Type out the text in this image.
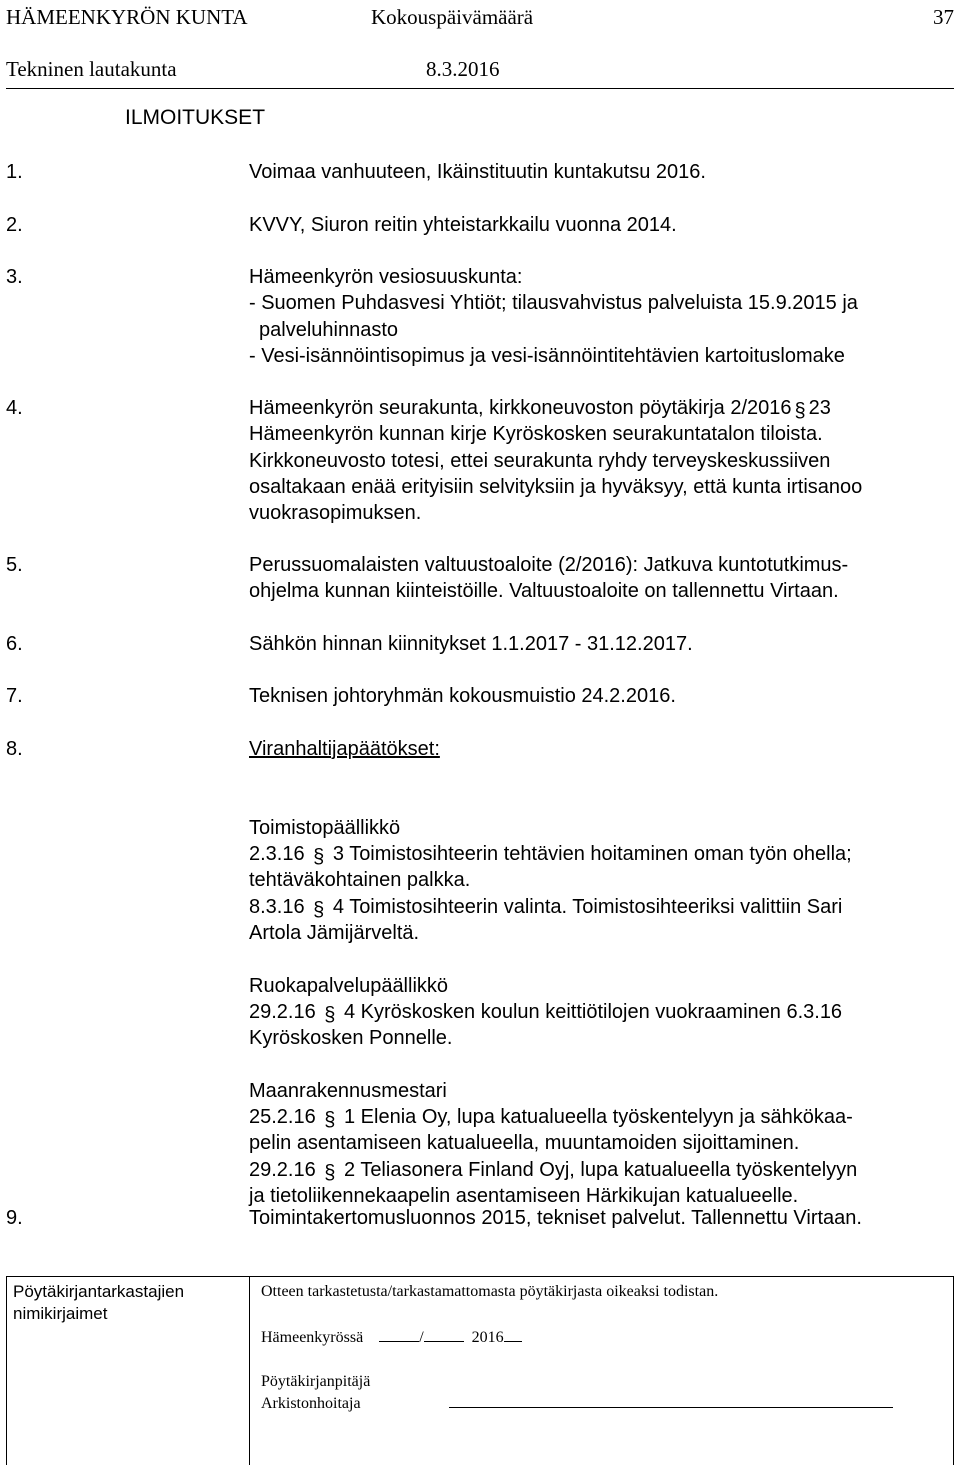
HÄMEENKYRÖN KUNTA	Kokouspäivämäärä	37
Tekninen lautakunta	8.3.2016
ILMOITUKSET
1.	Voimaa vanhuuteen, Ikäinstituutin kuntakutsu 2016.
2.	KVVY, Siuron reitin yhteistarkkailu vuonna 2014.
3.	Hämeenkyrön vesiosuuskunta:
- Suomen Puhdasvesi Yhtiöt; tilausvahvistus palveluista 15.9.2015 ja
palveluhinnasto
- Vesi-isännöintisopimus ja vesi-isännöintitehtävien kartoituslomake
4.	Hämeenkyrön seurakunta, kirkkoneuvoston pöytäkirja 2/2016 § 23
Hämeenkyrön kunnan kirje Kyröskosken seurakuntatalon tiloista.
Kirkkoneuvosto totesi, ettei seurakunta ryhdy terveyskeskussiiven
osaltakaan enää erityisiin selvityksiin ja hyväksyy, että kunta irtisanoo
vuokrasopimuksen.
5.	Perussuomalaisten valtuustoaloite (2/2016): Jatkuva kuntotutkimus-
ohjelma kunnan kiinteistöille. Valtuustoaloite on tallennettu Virtaan.
6.	Sähkön hinnan kiinnitykset 1.1.2017 - 31.12.2017.
7.	Teknisen johtoryhmän kokousmuistio 24.2.2016.
8.	Viranhaltijapäätökset:
Toimistopäällikkö
2.3.16 § 3 Toimistosihteerin tehtävien hoitaminen oman työn ohella;
tehtäväkohtainen palkka.
8.3.16 § 4 Toimistosihteerin valinta. Toimistosihteeriksi valittiin Sari
Artola Jämijärveltä.
Ruokapalvelupäällikkö
29.2.16 § 4 Kyröskosken koulun keittiötilojen vuokraaminen 6.3.16
Kyröskosken Ponnelle.
Maanrakennusmestari
25.2.16 § 1 Elenia Oy, lupa katualueella työskentelyyn ja sähkökaa-
pelin asentamiseen katualueella, muuntamoiden sijoittaminen.
29.2.16 § 2 Teliasonera Finland Oyj, lupa katualueella työskentelyyn
ja tietoliikennekaapelin asentamiseen Härkikujan katualueelle.
9.	Toimintakertomusluonnos 2015, tekniset palvelut. Tallennettu Virtaan.
Pöytäkirjantarkastajien
nimikirjaimet
Otteen tarkastetusta/tarkastamattomasta pöytäkirjasta oikeaksi todistan.
Hämeenkyrössä	/	2016
Pöytäkirjanpitäjä
Arkistonhoitaja
